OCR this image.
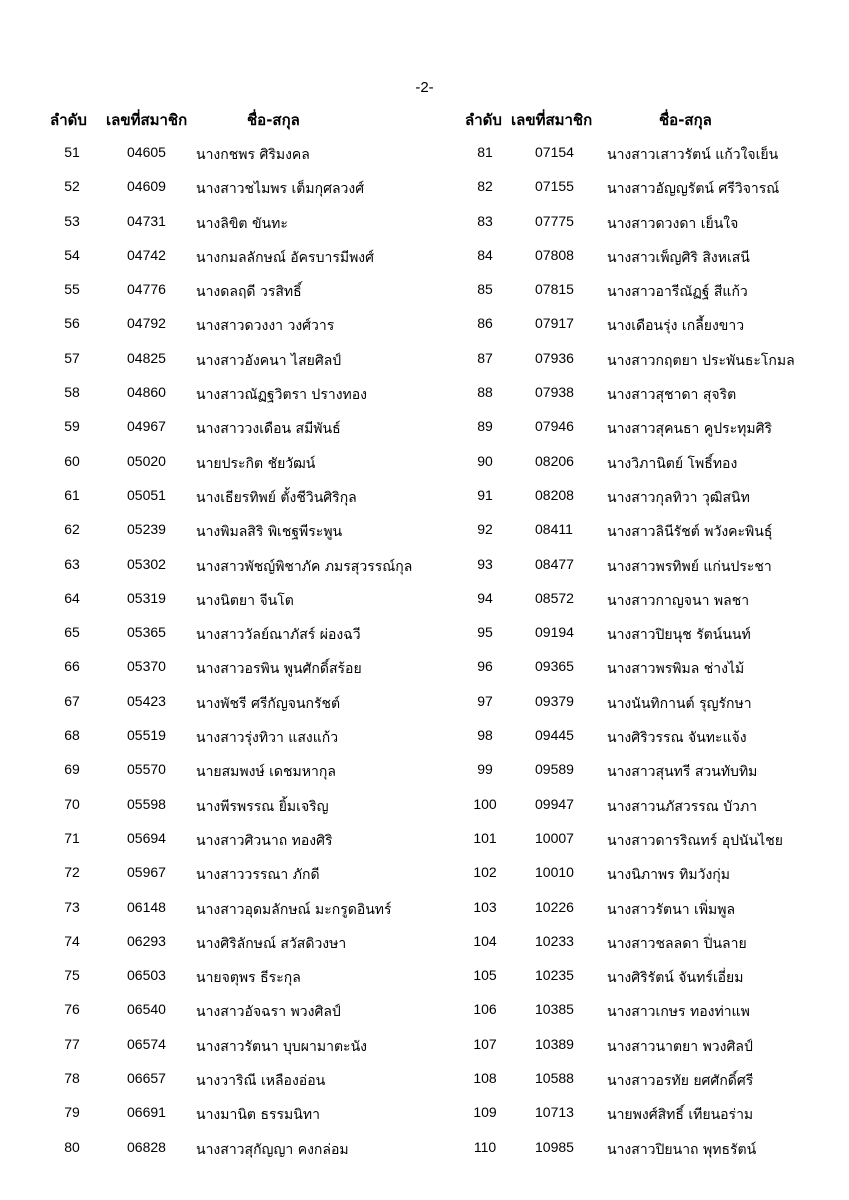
-2-
ลำดับ เลขที่สมาชิก	ชื่อ-สกุล
51	04605 นางกชพร ศิริมงคล
52	04609 นางสาวชไมพร เต็มกุศลวงศ์
53	04731 นางลิขิต ขันทะ
54	04742 นางกมลลักษณ์ อัครบารมีพงศ์
55	04776 นางดลฤดี วรสิทธิ์
56	04792 นางสาวดวงงา วงศ์วาร
57	04825 นางสาวอังคนา ไสยศิลป์
58	04860 นางสาวณัฏฐวิตรา ปรางทอง
59	04967 นางสาววงเดือน สมีพันธ์
60	05020 นายประกิต ชัยวัฒน์
61	05051 นางเธียรทิพย์ ตั้งชีวินศิริกุล
62	05239 นางพิมลสิริ พิเชฐพีระพูน
63	05302 นางสาวพัชญ์พิชาภัค ภมรสุวรรณ์กุล
64	05319 นางนิตยา จีนโต
65	05365 นางสาววัลย์ณาภัสร์ ผ่องฉวี
66	05370 นางสาวอรพิน พูนศักดิ์สร้อย
67	05423 นางพัชรี ศรีกัญจนกรัชต์
68	05519 นางสาวรุ่งทิวา แสงแก้ว
69	05570 นายสมพงษ์ เดชมหากุล
70	05598 นางพีรพรรณ ยิ้มเจริญ
71	05694 นางสาวศิวนาถ ทองศิริ
72	05967 นางสาววรรณา ภักดี
73	06148 นางสาวอุดมลักษณ์ มะกรูดอินทร์
74	06293 นางศิริลักษณ์ สวัสดิวงษา
75	06503 นายจตุพร ธีระกุล
76	06540 นางสาวอัจฉรา พวงศิลป์
77	06574 นางสาวรัตนา บุบผามาตะนัง
78	06657 นางวาริณี เหลืองอ่อน
79	06691 นางมานิต ธรรมนิทา
80	06828 นางสาวสุกัญญา คงกล่อม
ลำดับ เลขที่สมาชิก	ชื่อ-สกุล
81	07154 นางสาวเสาวรัตน์ แก้วใจเย็น
82	07155 นางสาวอัญญรัตน์ ศรีวิจารณ์
83	07775 นางสาวดวงดา เย็นใจ
84	07808 นางสาวเพ็ญศิริ สิงหเสนี
85	07815 นางสาวอารีณัฏฐ์ สีแก้ว
86	07917 นางเดือนรุ่ง เกลี้ยงขาว
87	07936 นางสาวกฤตยา ประพันธะโกมล
88	07938 นางสาวสุชาดา สุจริต
89	07946 นางสาวสุคนธา คูประทุมศิริ
90	08206 นางวิภานิตย์ โพธิ์ทอง
91	08208 นางสาวกุลทิวา วุฒิสนิท
92	08411 นางสาวลินีรัชต์ พวังคะพินธุ์
93	08477 นางสาวพรทิพย์ แก่นประชา
94	08572 นางสาวกาญจนา พลชา
95	09194 นางสาวปิยนุช รัตน์นนท์
96	09365 นางสาวพรพิมล ช่างไม้
97	09379 นางนันทิกานต์ รุญรักษา
98	09445 นางศิริวรรณ จันทะแจ้ง
99	09589 นางสาวสุนทรี สวนทับทิม
100	09947 นางสาวนภัสวรรณ บัวภา
101	10007 นางสาวดารริณทร์ อุปนันไชย
102	10010 นางนิภาพร ทิมวังกุ่ม
103	10226 นางสาวรัตนา เพิ่มพูล
104	10233 นางสาวชลลดา ปิ่นลาย
105	10235 นางศิริรัตน์ จันทร์เอี่ยม
106	10385 นางสาวเกษร ทองท่าแพ
107	10389 นางสาวนาตยา พวงศิลป์
108	10588 นางสาวอรทัย ยศศักดิ์ศรี
109	10713 นายพงศ์สิทธิ์ เทียนอร่าม
110	10985 นางสาวปิยนาถ พุทธรัตน์
